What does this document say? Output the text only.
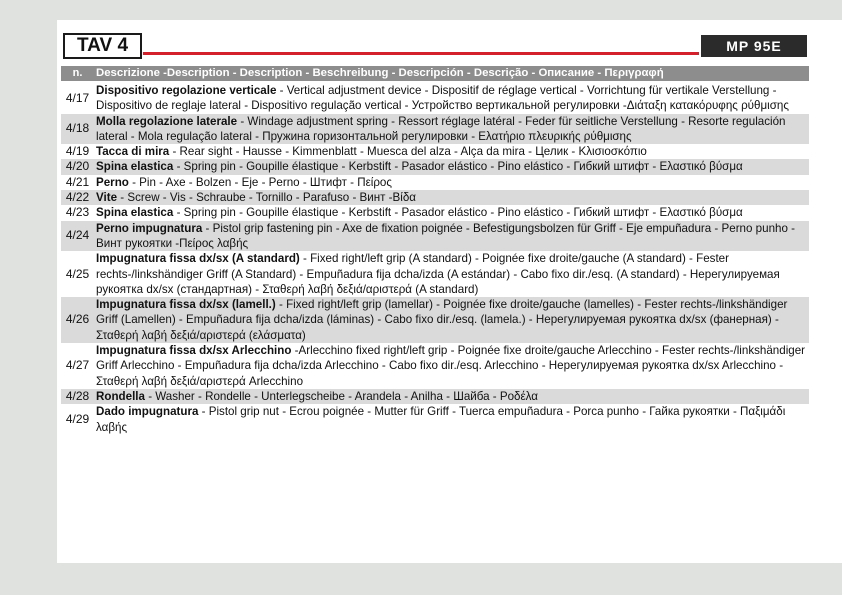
TAV 4	MP 95E
n.	Descrizione -Description - Description - Beschreibung - Descripción - Descrição - Описание - Περιγραφή
4/17
Dispositivo regolazione verticale - Vertical adjustment device - Dispositif de réglage vertical - Vorrichtung für vertikale Verstellung - Dispositivo de reglaje lateral - Dispositivo regulação vertical - Устройство вертикальной регулировки -Διάταξη κατακόρυφης ρύθμισης
4/18
Molla regolazione laterale - Windage adjustment spring - Ressort réglage latéral - Feder für seitliche Verstellung - Resorte regulación lateral - Mola regulação lateral - Пружина горизонтальной регулировки - Ελατήριο πλευρικής ρύθμισης
4/19 Tacca di mira - Rear sight - Hausse - Kimmenblatt - Muesca del alza - Alça da mira - Целик - Κλισιοσκόπιο
4/20 Spina elastica - Spring pin - Goupille élastique - Kerbstift - Pasador elástico - Pino elástico - Гибкий штифт - Ελαστικό βύσμα
4/21 Perno - Pin - Axe - Bolzen - Eje - Perno - Штифт - Πείρος
4/22 Vite - Screw - Vis - Schraube - Tornillo - Parafuso - Винт -Βίδα
4/23 Spina elastica - Spring pin - Goupille élastique - Kerbstift - Pasador elástico - Pino elástico - Гибкий штифт - Ελαστικό βύσμα
4/24
Perno impugnatura - Pistol grip fastening pin - Axe de fixation poignée - Befestigungsbolzen für Griff - Eje empuñadura - Perno punho - Винт рукоятки -Πείρος λαβής
4/25
Impugnatura fissa dx/sx (A standard) - Fixed right/left grip (A standard) - Poignée fixe droite/gauche (A standard) - Fester rechts-/linkshändiger Griff (A Standard) - Empuñadura fija dcha/izda (A estándar) - Cabo fixo dir./esq. (A standard) - Нерегулируемая рукоятка dx/sx (стандартная) - Σταθερή λαβή δεξιά/αριστερά (A standard)
4/26
Impugnatura fissa dx/sx (lamell.) - Fixed right/left grip (lamellar) - Poignée fixe droite/gauche (lamelles) - Fester rechts-/linkshändiger Griff (Lamellen) - Empuñadura fija dcha/izda (láminas) - Cabo fixo dir./esq. (lamela.) - Нерегулируемая рукоятка dx/sx (фанерная) - Σταθερή λαβή δεξιά/αριστερά (ελάσματα)
4/27
Impugnatura fissa dx/sx Arlecchino -Arlecchino fixed right/left grip - Poignée fixe droite/gauche Arlecchino - Fester rechts-/linkshändiger Griff Arlecchino - Empuñadura fija dcha/izda Arlecchino - Cabo fixo dir./esq. Arlecchino - Нерегулируемая рукоятка dx/sx Arlecchino - Σταθερή λαβή δεξιά/αριστερά Arlecchino
4/28 Rondella - Washer - Rondelle - Unterlegscheibe - Arandela - Anilha - Шайба - Ροδέλα
4/29
Dado impugnatura - Pistol grip nut - Ecrou poignée - Mutter für Griff - Tuerca empuñadura - Porca punho - Гайка рукоятки - Παξιμάδι λαβής
